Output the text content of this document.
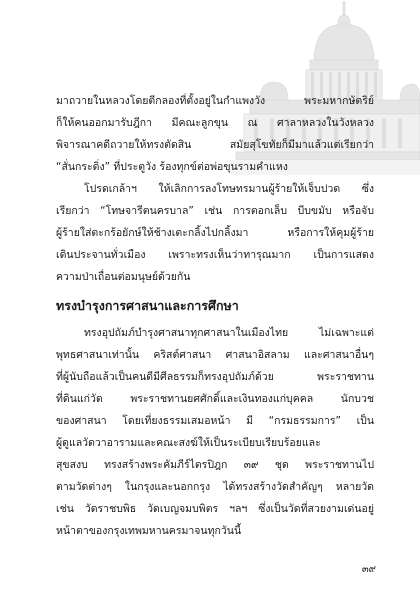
มาถวายในหลวงโดยตีกลองที่ตั้งอยู่ในกำแพงวัง พระมหากษัตริย์
ก็ให้คนออกมารับฎีกา มีคณะลูกขุน ณ ศาลาหลวงในวังหลวง
พิจารณาคดีถวายให้ทรงตัดสิน สมัยสุโขทัยก็มีมาแล้วแต่เรียกว่า
“สั่นกระดิ่ง” ที่ประตูวัง ร้องทุกข์ต่อพ่อขุนรามคำแหง
โปรดเกล้าฯ ให้เลิกการลงโทษทรมานผู้ร้ายให้เจ็บปวด ซึ่ง
เรียกว่า “โทษจารีตนครบาล” เช่น การตอกเล็บ บีบขมับ หรือจับ
ผู้ร้ายใส่ตะกร้อยักษ์ให้ช้างเตะกลิ้งไปกลิ้งมา หรือการให้คุมผู้ร้าย
เดินประจานทั่วเมือง เพราะทรงเห็นว่าทารุณมาก เป็นการแสดง
ความป่าเถื่อนต่อมนุษย์ด้วยกัน
ทรงบำรุงการศาสนาและการศึกษา
ทรงอุปถัมภ์บำรุงศาสนาทุกศาสนาในเมืองไทย ไม่เฉพาะแต่
พุทธศาสนาเท่านั้น คริสต์ศาสนา ศาสนาอิสลาม และศาสนาอื่นๆ
ที่ผู้นับถือแล้วเป็นคนดีมีศีลธรรมก็ทรงอุปถัมภ์ด้วย พระราชทาน
ที่ดินแก่วัด พระราชทานยศศักดิ์และเงินทองแก่บุคคล นักบวช
ของศาสนา โดยเที่ยงธรรมเสมอหน้า มี “กรมธรรมการ” เป็น
ผู้ดูแลวัดวาอารามและคณะสงฆ์ให้เป็นระเบียบเรียบร้อยและ
สุขสงบ ทรงสร้างพระคัมภีร์ไตรปิฎก ๓๙ ชุด พระราชทานไป
ตามวัดต่างๆ ในกรุงและนอกกรุง ได้ทรงสร้างวัดสำคัญๆ หลายวัด
เช่น วัดราชบพิธ วัดเบญจมบพิตร ฯลฯ ซึ่งเป็นวัดที่สวยงามเด่นอยู่
หน้าตาของกรุงเทพมหานครมาจนทุกวันนี้
๓๙
